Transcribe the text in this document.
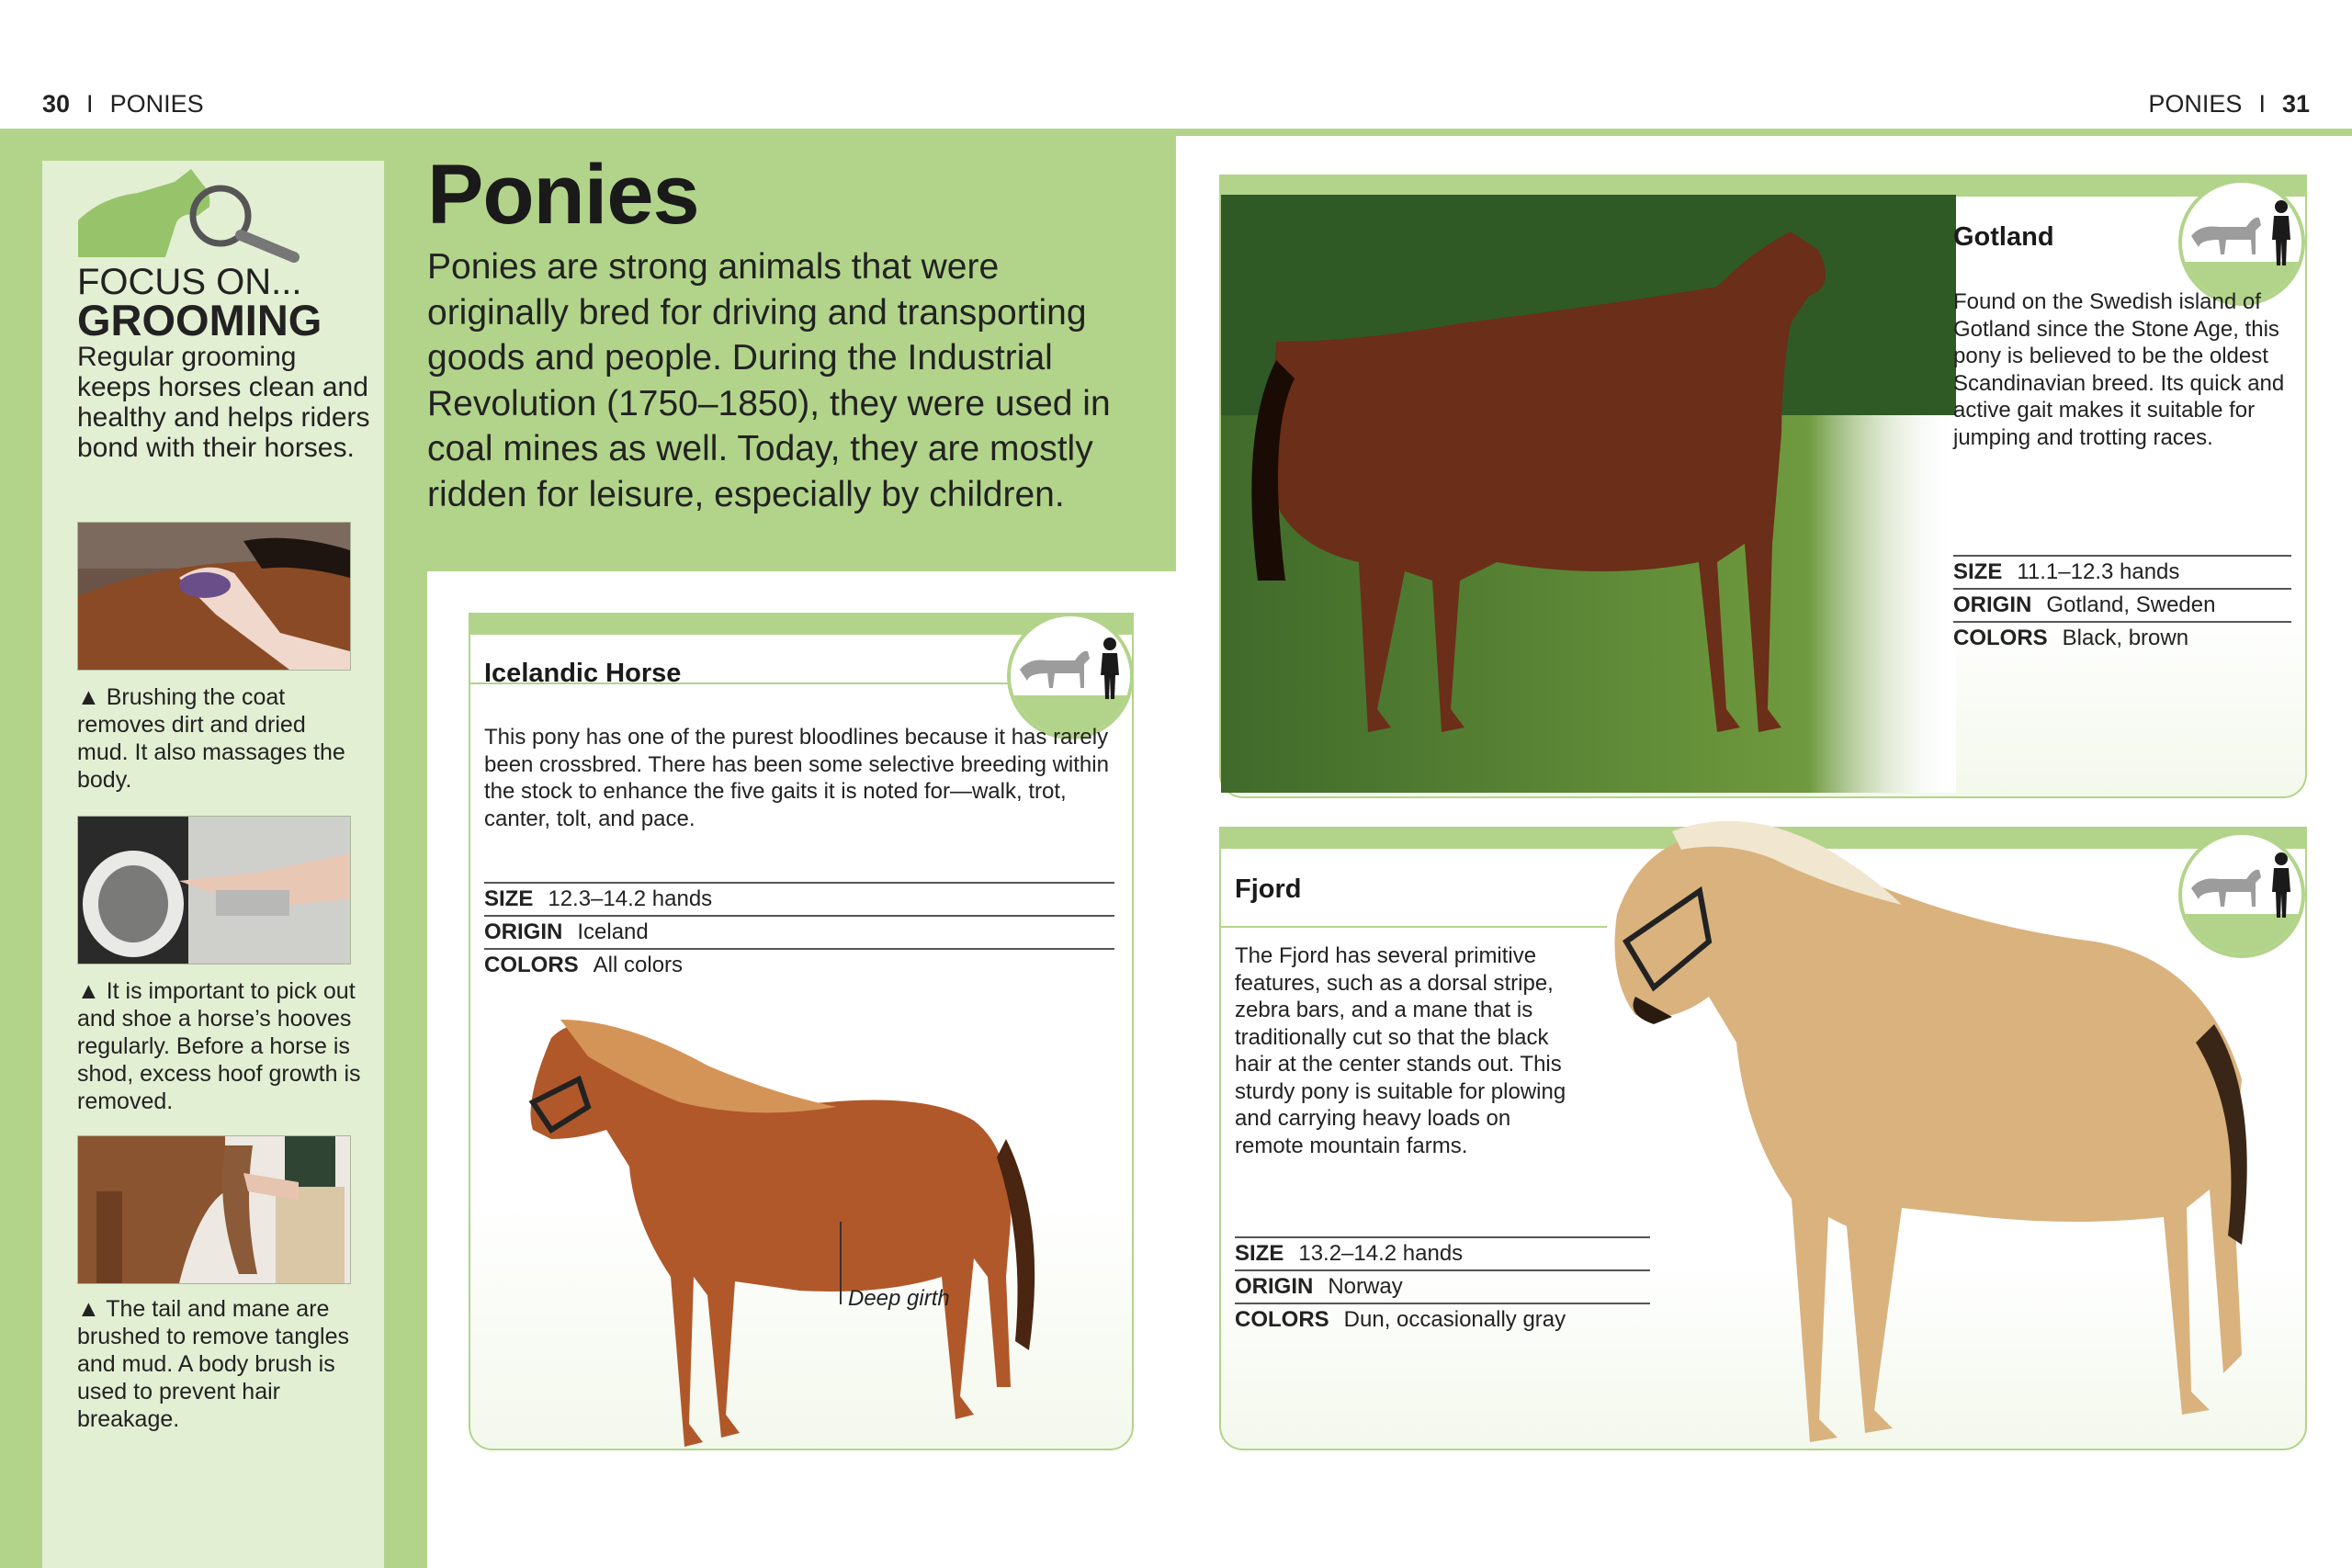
30 I PONIES	PONIES I 31
FOCUS ON...
GROOMING
Regular grooming keeps horses clean and healthy and helps riders bond with their horses.
▲ Brushing the coat removes dirt and dried mud. It also massages the body.
▲ It is important to pick out and shoe a horse’s hooves regularly. Before a horse is shod, excess hoof growth is removed.
▲ The tail and mane are brushed to remove tangles and mud. A body brush is used to prevent hair breakage.
Ponies
Ponies are strong animals that were originally bred for driving and transporting goods and people. During the Industrial Revolution (1750–1850), they were used in coal mines as well. Today, they are mostly ridden for leisure, especially by children.
Icelandic Horse
This pony has one of the purest bloodlines because it has rarely been crossbred. There has been some selective breeding within the stock to enhance the five gaits it is noted for—walk, trot, canter, tolt, and pace.
SIZE 12.3–14.2 hands
ORIGIN Iceland
COLORS All colors
Deep girth
Gotland
Found on the Swedish island of Gotland since the Stone Age, this pony is believed to be the oldest Scandinavian breed. Its quick and active gait makes it suitable for jumping and trotting races.
SIZE 11.1–12.3 hands
ORIGIN Gotland, Sweden
COLORS Black, brown
Fjord
The Fjord has several primitive features, such as a dorsal stripe, zebra bars, and a mane that is traditionally cut so that the black hair at the center stands out. This sturdy pony is suitable for plowing and carrying heavy loads on remote mountain farms.
SIZE 13.2–14.2 hands
ORIGIN Norway
COLORS Dun, occasionally gray
